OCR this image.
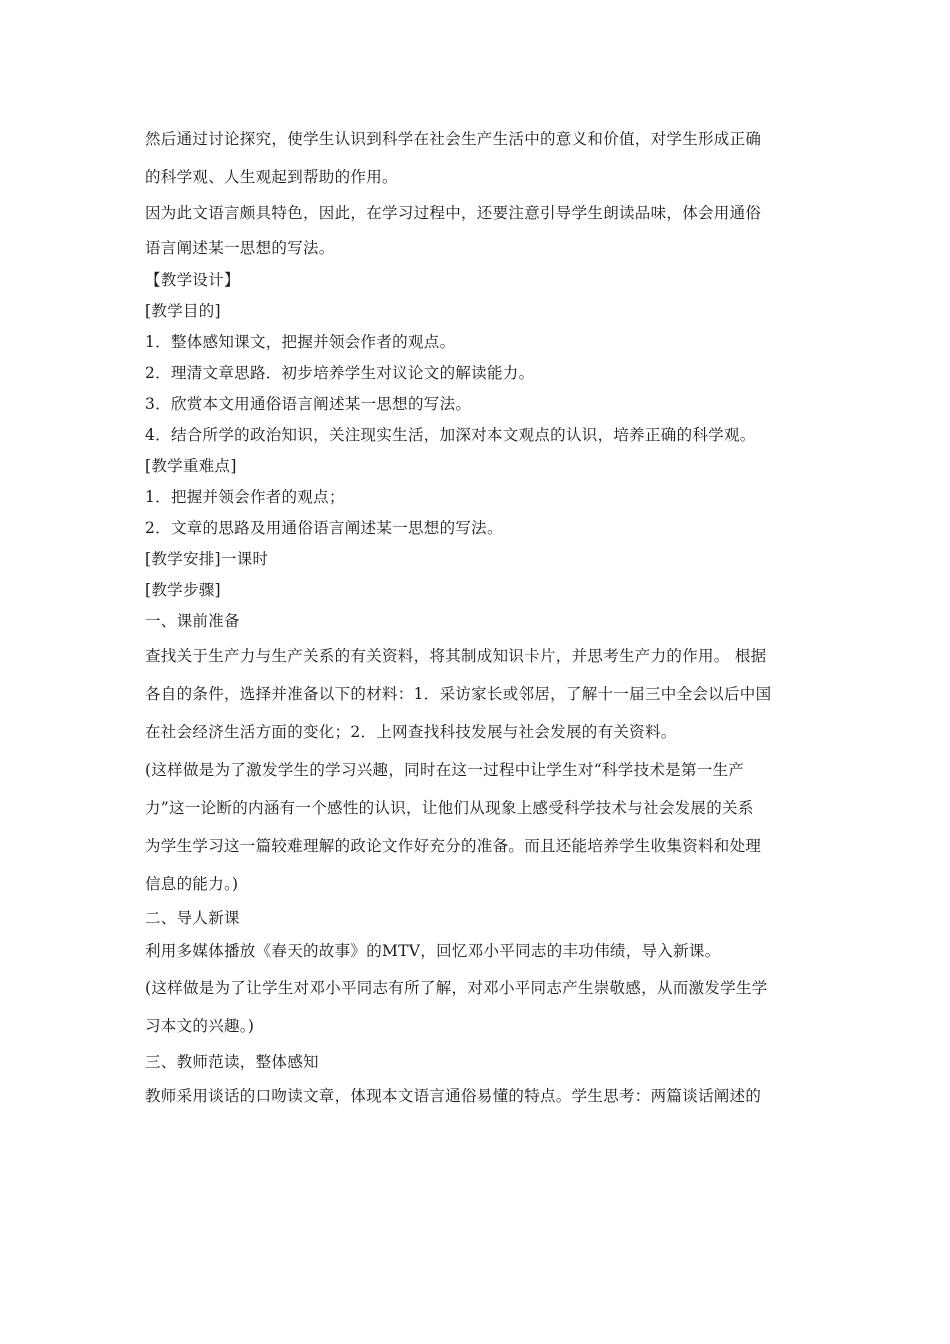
然后通过讨论探究，使学生认识到科学在社会生产生活中的意义和价值，对学生形成正确
的科学观、人生观起到帮助的作用。
因为此文语言颇具特色，因此，在学习过程中，还要注意引导学生朗读品味，体会用通俗
语言阐述某一思想的写法。
【教学设计】
[教学目的]
1．整体感知课文，把握并领会作者的观点。
2．理清文章思路．初步培养学生对议论文的解读能力。
3．欣赏本文用通俗语言阐述某一思想的写法。
4．结合所学的政治知识，关注现实生活，加深对本文观点的认识，培养正确的科学观。
[教学重难点]
1．把握并领会作者的观点；
2．文章的思路及用通俗语言阐述某一思想的写法。
[教学安排]一课时
[教学步骤]
一、课前准备
查找关于生产力与生产关系的有关资料，将其制成知识卡片，并思考生产力的作用。 根据
各自的条件，选择并准备以下的材料：1．采访家长或邻居，了解十一届三中全会以后中国
在社会经济生活方面的变化；2．上网查找科技发展与社会发展的有关资料。
(这样做是为了激发学生的学习兴趣，同时在这一过程中让学生对“科学技术是第一生产
力”这一论断的内涵有一个感性的认识，让他们从现象上感受科学技术与社会发展的关系
为学生学习这一篇较难理解的政论文作好充分的准备。而且还能培养学生收集资料和处理
信息的能力。)
二、导人新课
利用多媒体播放《春天的故事》的MTV，回忆邓小平同志的丰功伟绩，导入新课。
(这样做是为了让学生对邓小平同志有所了解，对邓小平同志产生崇敬感，从而激发学生学
习本文的兴趣。)
三、教师范读，整体感知
教师采用谈话的口吻读文章，体现本文语言通俗易懂的特点。学生思考：两篇谈话阐述的
